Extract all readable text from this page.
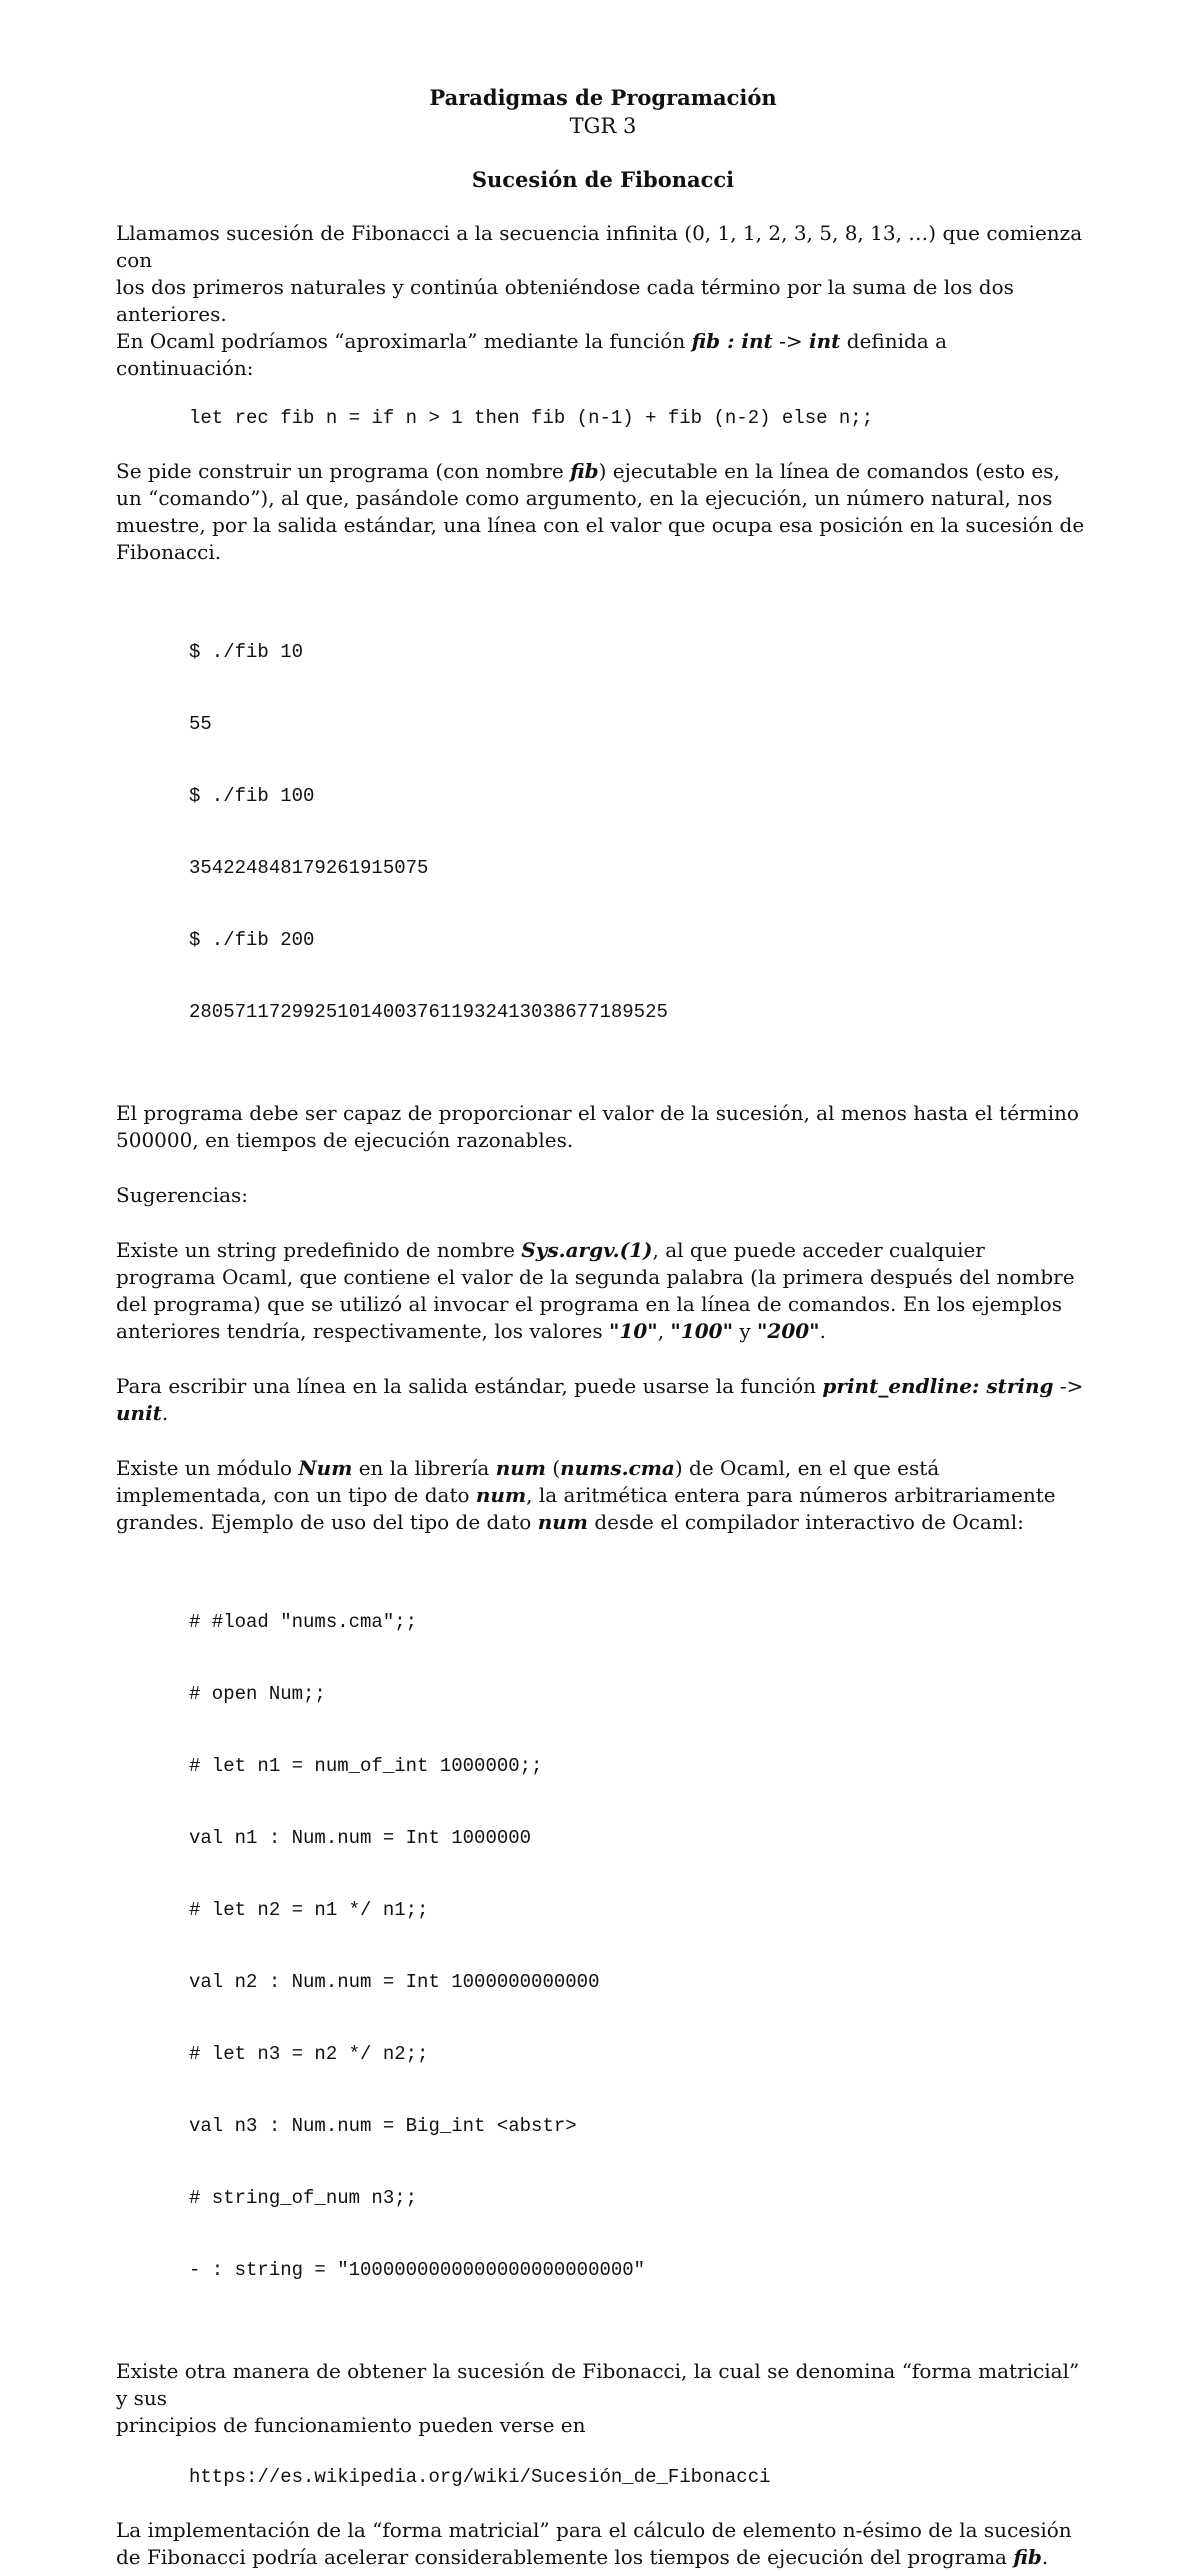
Paradigmas de Programación
TGR 3
Sucesión de Fibonacci

Llamamos sucesión de Fibonacci a la secuencia infinita (0, 1, 1, 2, 3, 5, 8, 13, …) que comienza con
los dos primeros naturales y continúa obteniéndose cada término por la suma de los dos anteriores.
En Ocaml podríamos “aproximarla” mediante la función fib : int -> int definida a continuación:

let rec fib n = if n > 1 then fib (n-1) + fib (n-2) else n;;

Se pide construir un programa (con nombre fib) ejecutable en la línea de comandos (esto es, un “comando”), al que, pasándole como argumento, en la ejecución, un número natural, nos muestre, por la salida estándar, una línea con el valor que ocupa esa posición en la sucesión de Fibonacci.

$ ./fib 10

55

$ ./fib 100

354224848179261915075

$ ./fib 200

280571172992510140037611932413038677189525

El programa debe ser capaz de proporcionar el valor de la sucesión, al menos hasta el término 500000, en tiempos de ejecución razonables.

Sugerencias:

Existe un string predefinido de nombre Sys.argv.(1), al que puede acceder cualquier programa Ocaml, que contiene el valor de la segunda palabra (la primera después del nombre del programa) que se utilizó al invocar el programa en la línea de comandos. En los ejemplos anteriores tendría, respectivamente, los valores "10", "100" y "200".

Para escribir una línea en la salida estándar, puede usarse la función print_endline: string -> unit.

Existe un módulo Num en la librería num (nums.cma) de Ocaml, en el que está implementada, con un tipo de dato num, la aritmética entera para números arbitrariamente grandes. Ejemplo de uso del tipo de dato num desde el compilador interactivo de Ocaml:

# #load "nums.cma";;

# open Num;;

# let n1 = num_of_int 1000000;;

val n1 : Num.num = Int 1000000

# let n2 = n1 */ n1;;

val n2 : Num.num = Int 1000000000000

# let n3 = n2 */ n2;;

val n3 : Num.num = Big_int <abstr>

# string_of_num n3;;

- : string = "1000000000000000000000000"

Existe otra manera de obtener la sucesión de Fibonacci, la cual se denomina “forma matricial” y sus
principios de funcionamiento pueden verse en

https://es.wikipedia.org/wiki/Sucesión_de_Fibonacci

La implementación de la “forma matricial” para el cálculo de elemento n-ésimo de la sucesión de Fibonacci podría acelerar considerablemente los tiempos de ejecución del programa fib.
